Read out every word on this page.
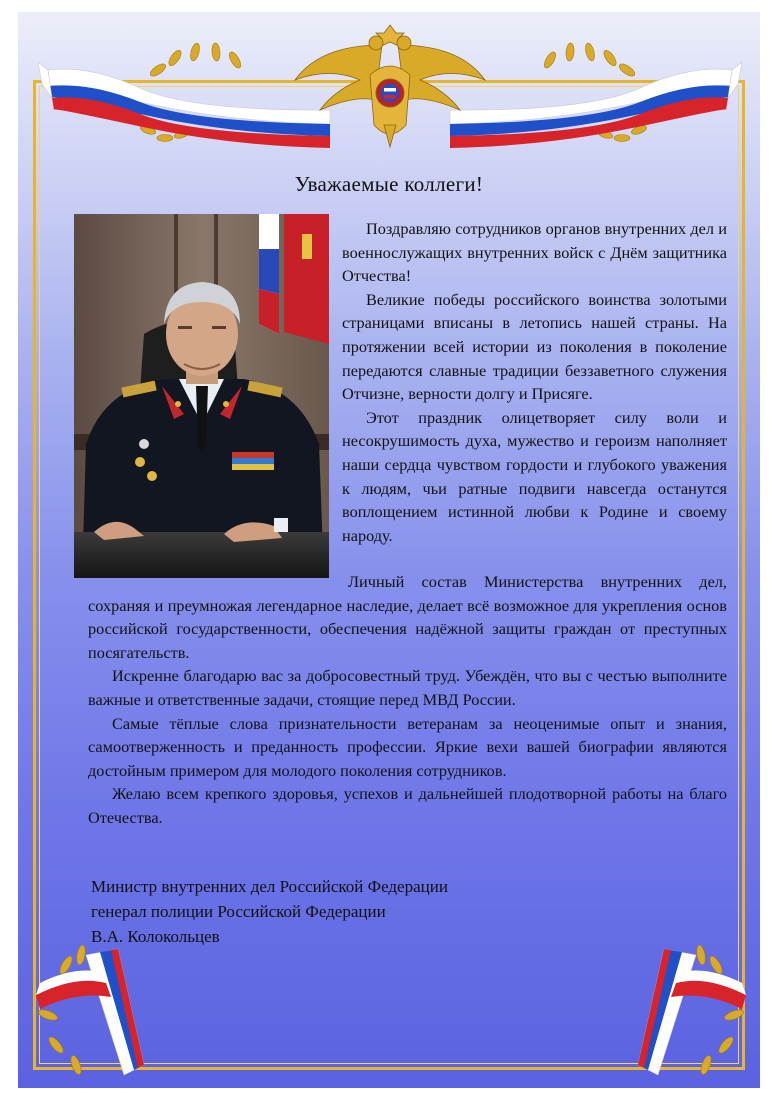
Уважаемые коллеги!

Поздравляю сотрудников органов внутренних дел и военнослужащих внутренних войск с Днём защитника Отчества!

Великие победы российского воинства золотыми страницами вписаны в летопись нашей страны. На протяжении всей истории из поколения в поколение передаются славные традиции беззаветного служения Отчизне, верности долгу и Присяге.

Этот праздник олицетворяет силу воли и несокрушимость духа, мужество и героизм наполняет наши сердца чувством гордости и глубокого уважения к людям, чьи ратные подвиги навсегда останутся воплощением истинной любви к Родине и своему народу.

Личный состав Министерства внутренних дел, сохраняя и преумножая легендарное наследие, делает всё возможное для укрепления основ российской государственности, обеспечения надёжной защиты граждан от преступных посягательств.

Искренне благодарю вас за добросовестный труд. Убеждён, что вы с честью выполните важные и ответственные задачи, стоящие перед МВД России.

Самые тёплые слова признательности ветеранам за неоценимые опыт и знания, самоотверженность и преданность профессии. Яркие вехи вашей биографии являются достойным примером для молодого поколения сотрудников.

Желаю всем крепкого здоровья, успехов и дальнейшей плодотворной работы на благо Отечества.

Министр внутренних дел Российской Федерации
генерал полиции Российской Федерации
В.А. Колокольцев
